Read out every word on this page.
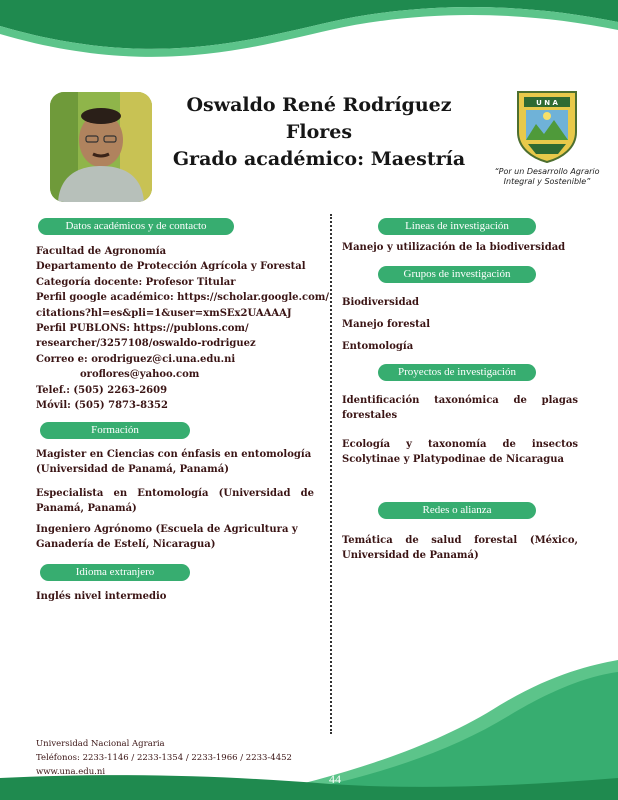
Oswaldo René Rodríguez Flores
Grado académico: Maestría
U N A
“Por un Desarrollo Agrario Integral y Sostenible”
Datos académicos y de contacto
Facultad de Agronomía
Departamento de Protección Agrícola y Forestal
Categoría docente: Profesor Titular
Perfil google académico: https://scholar.google.com/
citations?hl=es&pli=1&user=xmSEx2UAAAAJ
Perfil PUBLONS: https://publons.com/
researcher/3257108/oswaldo-rodriguez
Correo e: orodriguez@ci.una.edu.ni
oroflores@yahoo.com
Telef.: (505) 2263-2609
Móvil: (505) 7873-8352
Formación
Magister en Ciencias con énfasis en entomología
(Universidad de Panamá, Panamá)
Especialista en Entomología (Universidad de
Panamá, Panamá)
Ingeniero Agrónomo (Escuela de Agricultura y
Ganadería de Estelí, Nicaragua)
Idioma extranjero
Inglés nivel intermedio
Líneas de investigación
Manejo y utilización de la biodiversidad
Grupos de investigación
Biodiversidad
Manejo forestal
Entomología
Proyectos de investigación
Identificación taxonómica de plagas
forestales
Ecología y taxonomía de insectos
Scolytinae y Platypodinae de Nicaragua
Redes o alianza
Temática de salud forestal (México,
Universidad de Panamá)
Universidad Nacional Agraria
Teléfonos: 2233-1146 / 2233-1354 / 2233-1966 / 2233-4452
www.una.edu.ni	44
